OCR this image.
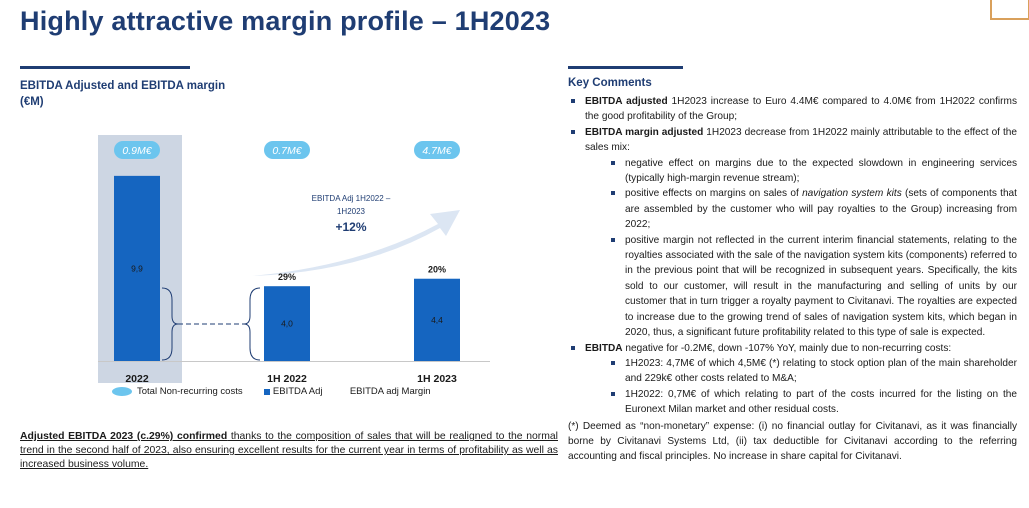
Highly attractive margin profile – 1H2023
EBITDA Adjusted and EBITDA margin
(€M)
9,9
4,0	4,4
2022	1H 2022	1H 2023
0.9M€	0.7M€	4.7M€
29%
20%
EBITDA Adj 1H2022 –
1H2023
+12%
Total Non-recurring costs	EBITDA Adj	EBITDA adj Margin
Adjusted EBITDA 2023 (c.29%) confirmed thanks to the composition of sales that will be realigned to the normal trend in the second half of 2023, also ensuring excellent results for the current year in terms of profitability as well as increased business volume.
Key Comments
EBITDA adjusted 1H2023 increase to Euro 4.4M€ compared to 4.0M€ from 1H2022 confirms the good profitability of the Group;
EBITDA margin adjusted 1H2023 decrease from 1H2022 mainly attributable to the effect of the sales mix:
negative effect on margins due to the expected slowdown in engineering services (typically high-margin revenue stream);
positive effects on margins on sales of navigation system kits (sets of components that are assembled by the customer who will pay royalties to the Group) increasing from 2022;
positive margin not reflected in the current interim financial statements, relating to the royalties associated with the sale of the navigation system kits (components) referred to in the previous point that will be recognized in subsequent years. Specifically, the kits sold to our customer, will result in the manufacturing and selling of units by our customer that in turn trigger a royalty payment to Civitanavi. The royalties are expected to increase due to the growing trend of sales of navigation system kits, which began in 2020, thus, a significant future profitability related to this type of sale is expected.
EBITDA negative for -0.2M€, down -107% YoY, mainly due to non-recurring costs:
1H2023: 4,7M€ of which 4,5M€ (*) relating to stock option plan of the main shareholder and 229k€ other costs related to M&A;
1H2022: 0,7M€ of which relating to part of the costs incurred for the listing on the Euronext Milan market and other residual costs.
(*) Deemed as “non-monetary” expense: (i) no financial outlay for Civitanavi, as it was financially borne by Civitanavi Systems Ltd, (ii) tax deductible for Civitanavi according to the referring accounting and fiscal principles. No increase in share capital for Civitanavi.
